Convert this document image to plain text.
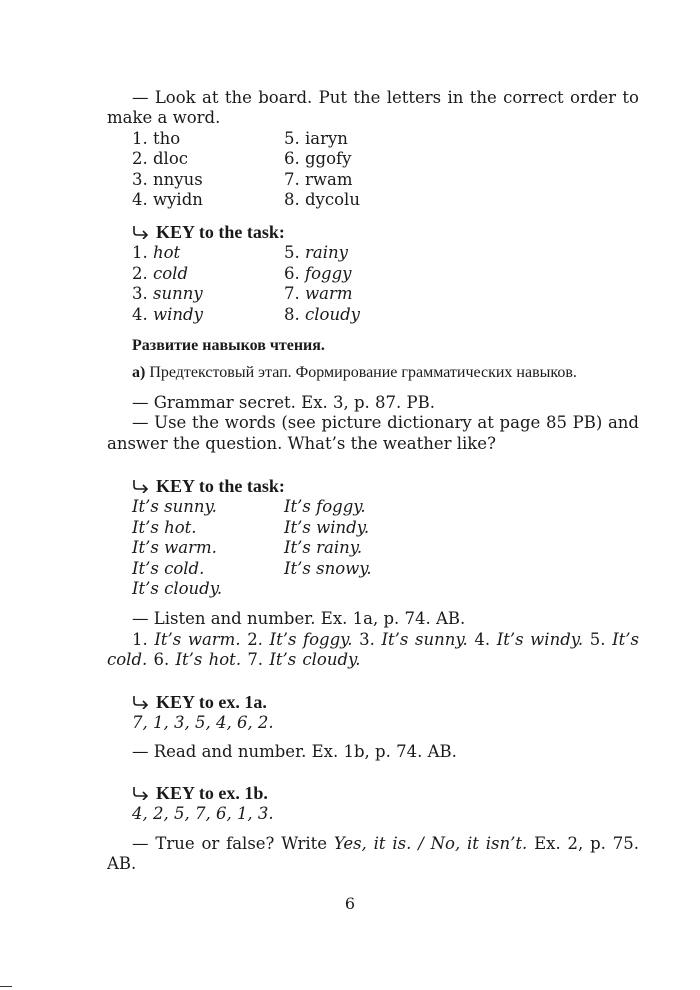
— Look at the board. Put the letters in the correct order to make a word.

1. tho
2. dloc
3. nnyus
4. wyidn
5. iaryn
6. ggofy
7. rwam
8. dycolu
KEY to the task:
1. hot
2. cold
3. sunny
4. windy
5. rainy
6. foggy
7. warm
8. cloudy
Развитие навыков чтения.

а) Предтекстовый этап. Формирование грамматических навыков.

— Grammar secret. Ex. 3, p. 87. PB.

— Use the words (see picture dictionary at page 85 PB) and answer the question. What’s the weather like?

KEY to the task:
It’s sunny.
It’s hot.
It’s warm.
It’s cold.
It’s cloudy.
It’s foggy.
It’s windy.
It’s rainy.
It’s snowy.

— Listen and number. Ex. 1a, p. 74. AB.

1. It’s warm. 2. It’s foggy. 3. It’s sunny. 4. It’s windy. 5. It’s cold. 6. It’s hot. 7. It’s cloudy.

KEY to ex. 1a.

7, 1, 3, 5, 4, 6, 2.

— Read and number. Ex. 1b, p. 74. AB.

KEY to ex. 1b.

4, 2, 5, 7, 6, 1, 3.

— True or false? Write Yes, it is. / No, it isn’t. Ex. 2, p. 75. AB.

6
